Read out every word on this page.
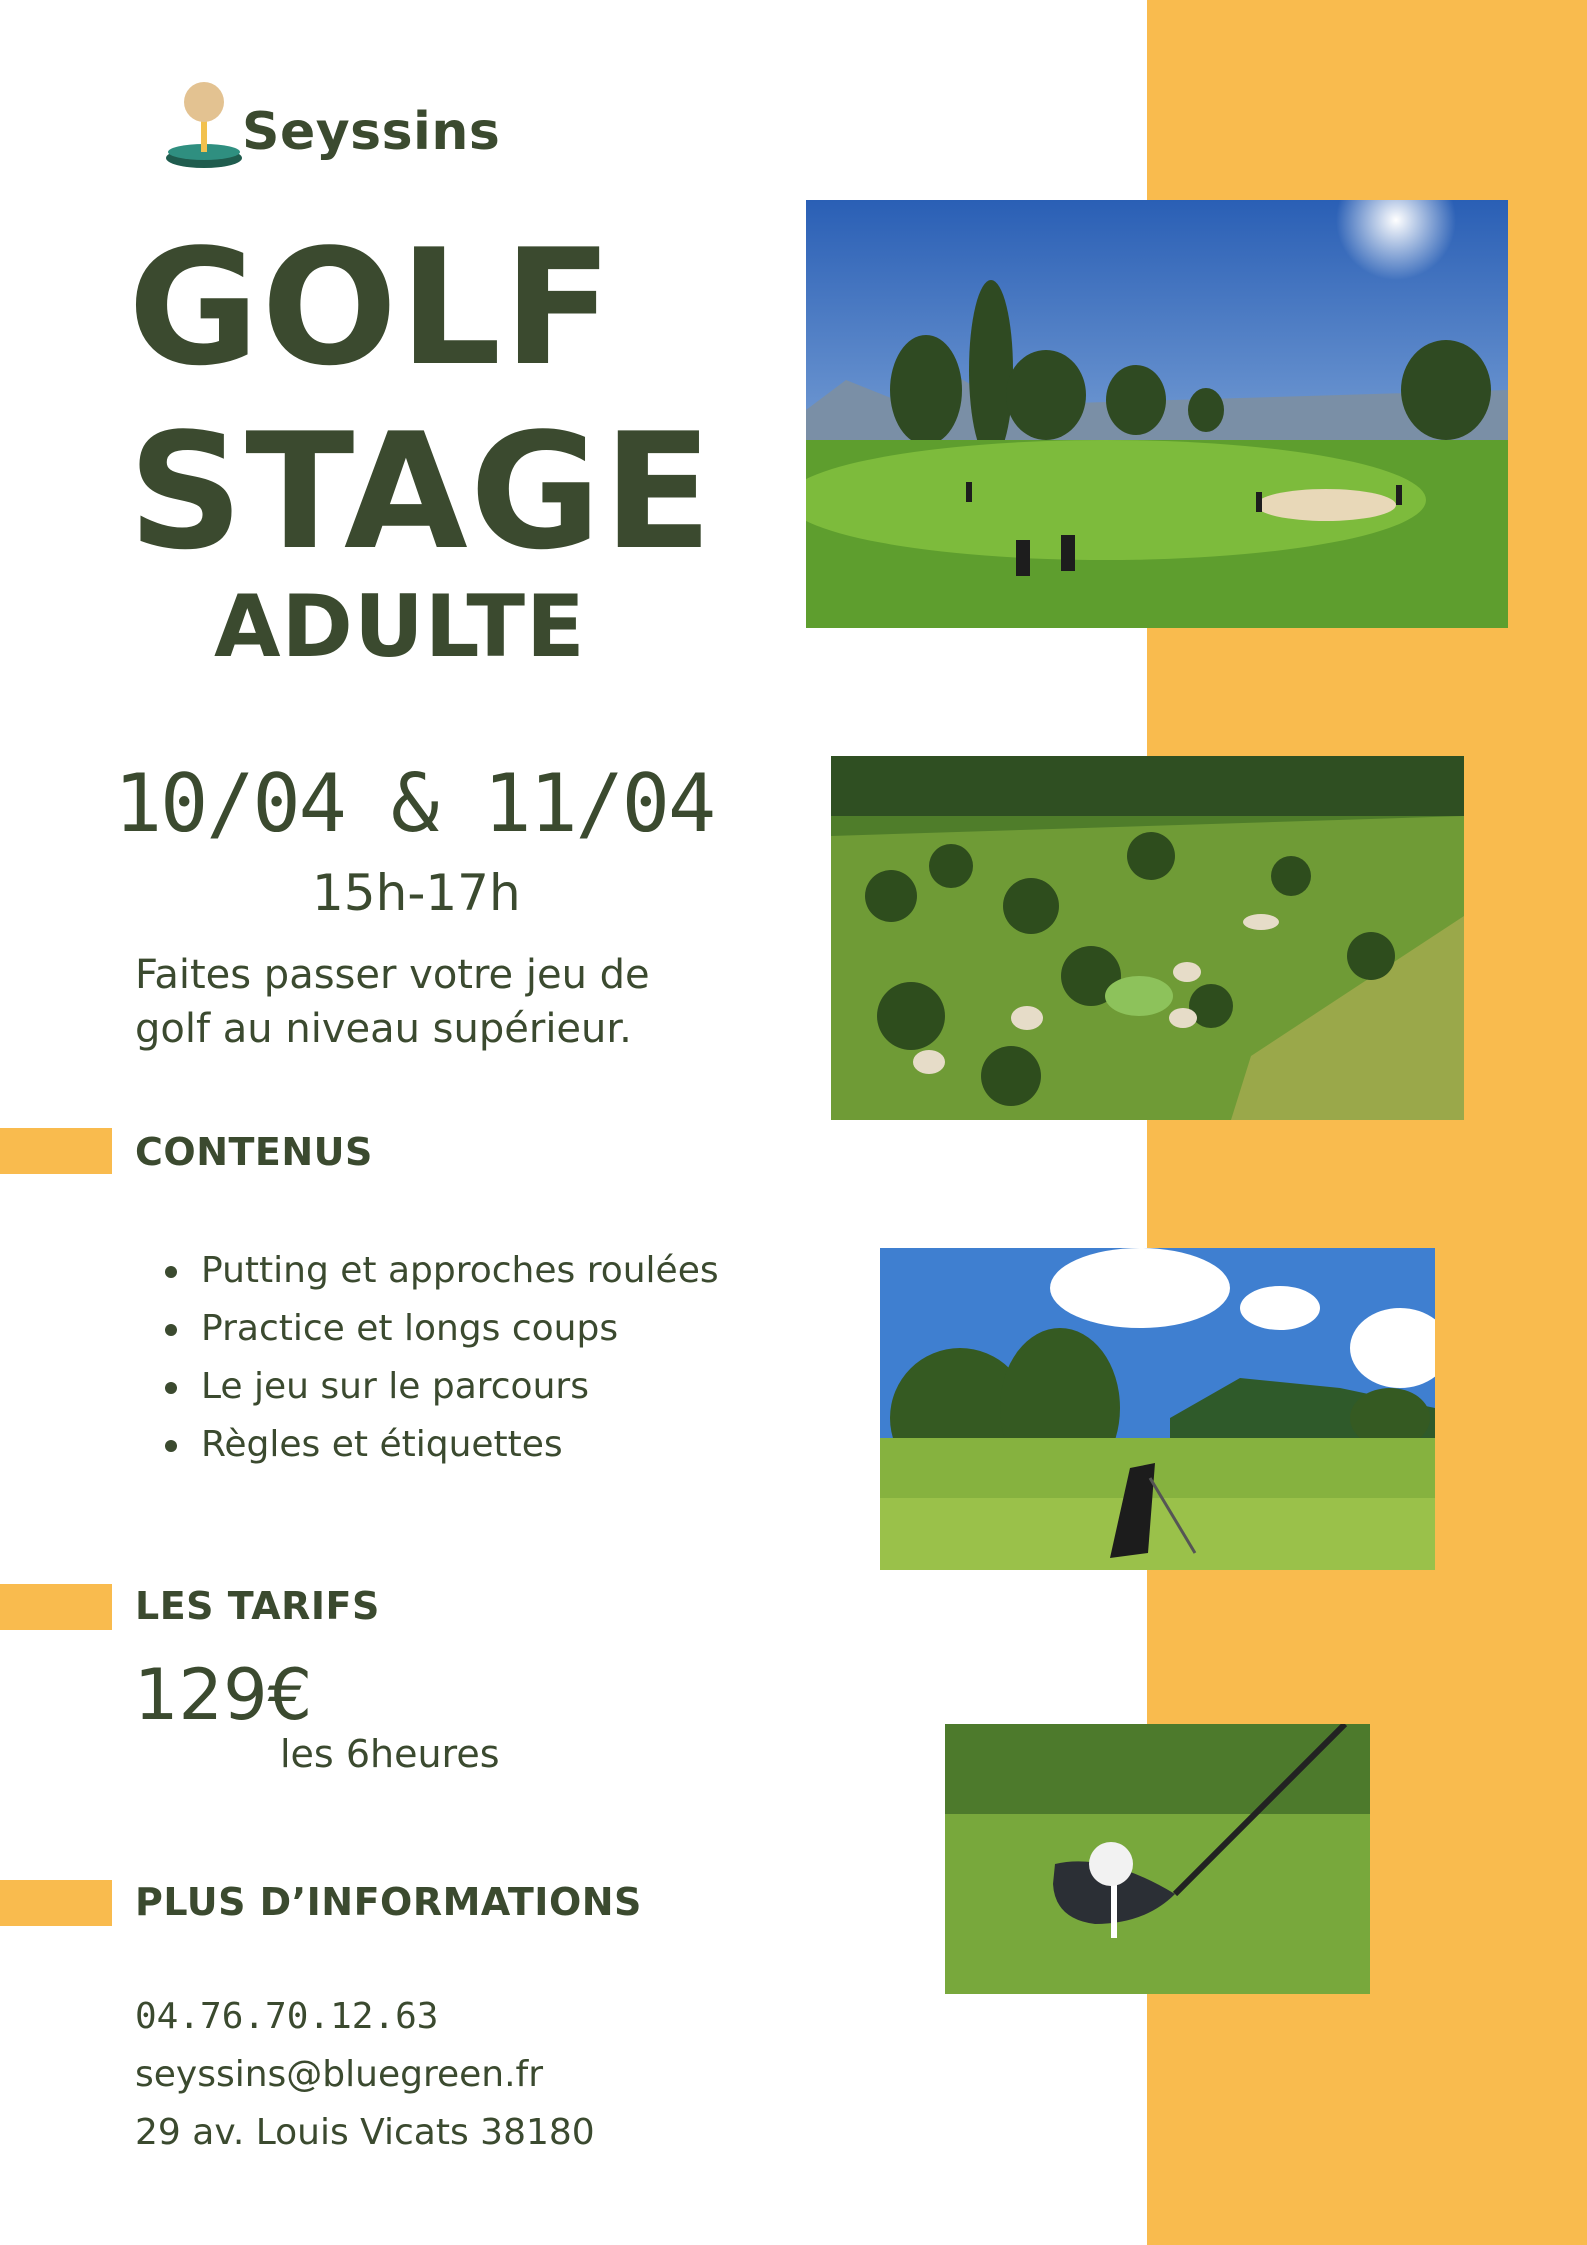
Seyssins
GOLF
STAGE
ADULTE
10/04 & 11/04
15h-17h
Faites passer votre jeu de
golf au niveau supérieur.
CONTENUS
Putting et approches roulées
Practice et longs coups
Le jeu sur le parcours
Règles et étiquettes
LES TARIFS
129€
les 6heures
PLUS D’INFORMATIONS
04.76.70.12.63
seyssins@bluegreen.fr
29 av. Louis Vicats 38180
